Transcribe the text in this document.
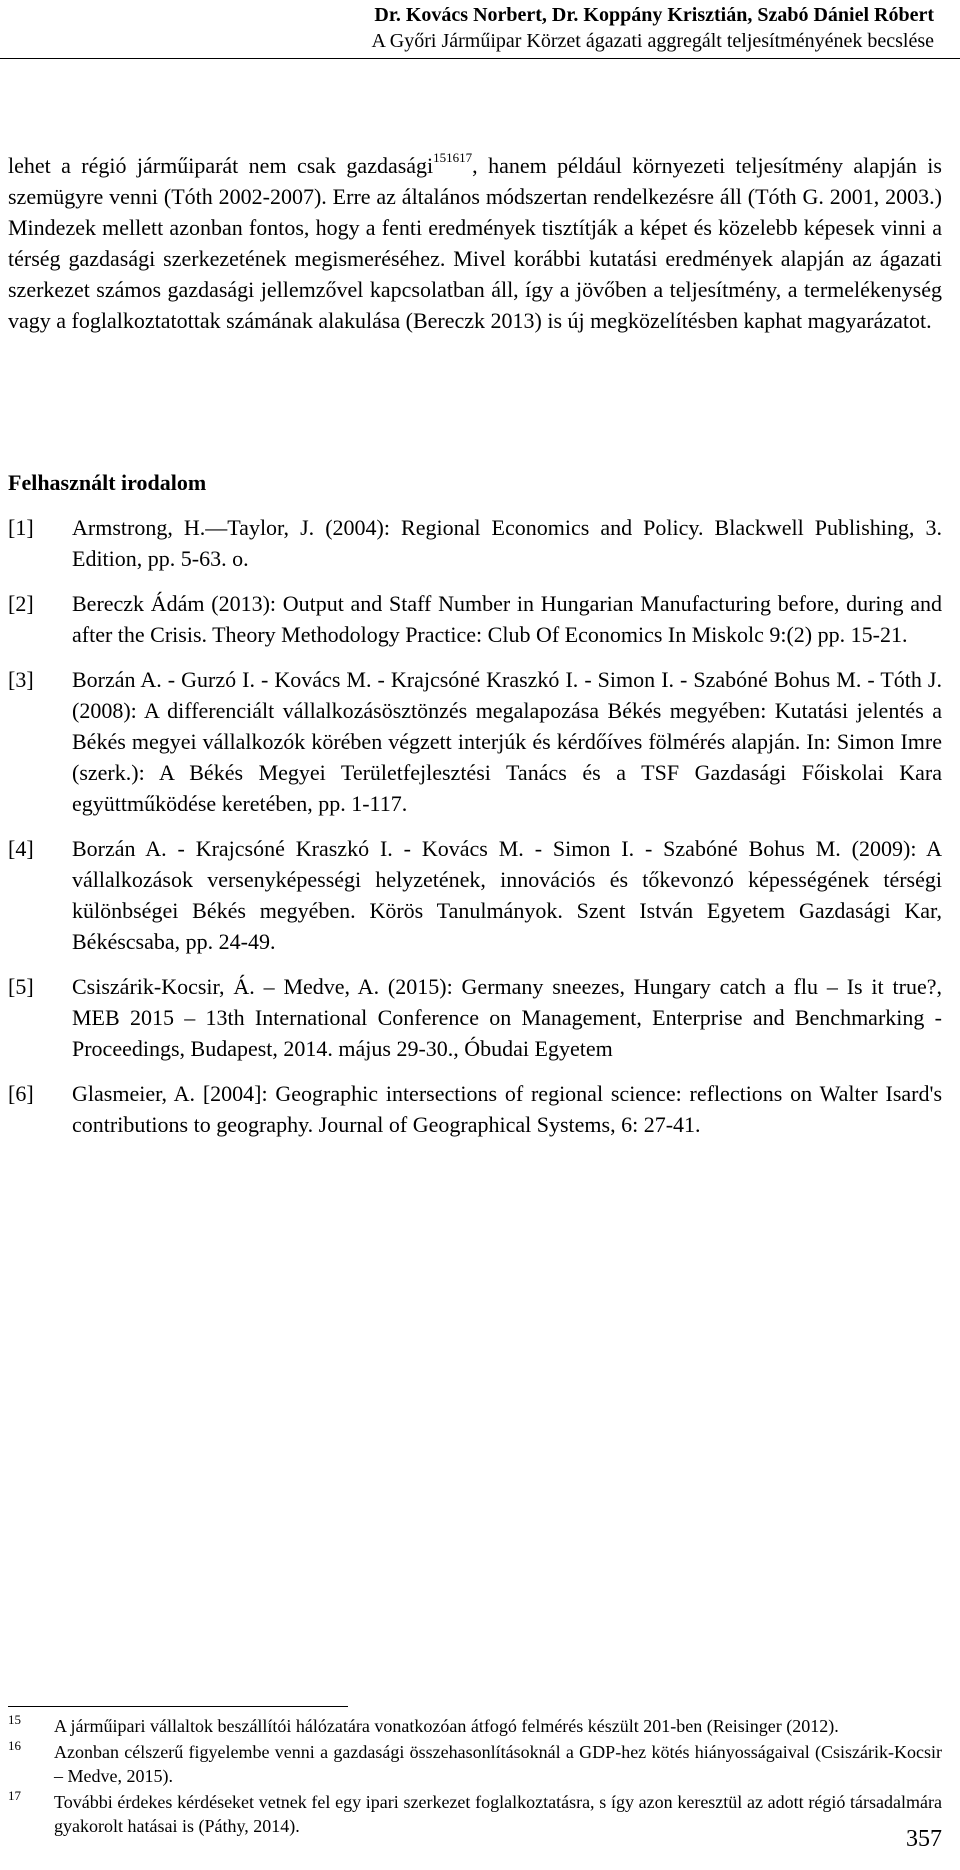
Dr. Kovács Norbert, Dr. Koppány Krisztián, Szabó Dániel Róbert
A Győri Járműipar Körzet ágazati aggregált teljesítményének becslése
lehet a régió járműiparát nem csak gazdasági$^{151617}$, hanem például környezeti teljesítmény alapján is szemügyre venni (Tóth 2002-2007). Erre az általános módszertan rendelkezésre áll (Tóth G. 2001, 2003.) Mindezek mellett azonban fontos, hogy a fenti eredmények tisztítják a képet és közelebb képesek vinni a térség gazdasági szerkezetének megismeréséhez. Mivel korábbi kutatási eredmények alapján az ágazati szerkezet számos gazdasági jellemzővel kapcsolatban áll, így a jövőben a teljesítmény, a termelékenység vagy a foglalkoztatottak számának alakulása (Bereczk 2013) is új megközelítésben kaphat magyarázatot.
Felhasznált irodalom
[1] Armstrong, H.—Taylor, J. (2004): Regional Economics and Policy. Blackwell Publishing, 3. Edition, pp. 5-63. o.
[2] Bereczk Ádám (2013): Output and Staff Number in Hungarian Manufacturing before, during and after the Crisis. Theory Methodology Practice: Club Of Economics In Miskolc 9:(2) pp. 15-21.
[3] Borzán A. - Gurzó I. - Kovács M. - Krajcsóné Kraszkó I. - Simon I. - Szabóné Bohus M. - Tóth J. (2008): A differenciált vállalkozásösztönzés megalapozása Békés megyében: Kutatási jelentés a Békés megyei vállalkozók körében végzett interjúk és kérdőíves fölmérés alapján. In: Simon Imre (szerk.): A Békés Megyei Területfejlesztési Tanács és a TSF Gazdasági Főiskolai Kara együttműködése keretében, pp. 1-117.
[4] Borzán A. - Krajcsóné Kraszkó I. - Kovács M. - Simon I. - Szabóné Bohus M. (2009): A vállalkozások versenyképességi helyzetének, innovációs és tőkevonzó képességének térségi különbségei Békés megyében. Körös Tanulmányok. Szent István Egyetem Gazdasági Kar, Békéscsaba, pp. 24-49.
[5] Csiszárik-Kocsir, Á. – Medve, A. (2015): Germany sneezes, Hungary catch a flu – Is it true?, MEB 2015 – 13th International Conference on Management, Enterprise and Benchmarking - Proceedings, Budapest, 2014. május 29-30., Óbudai Egyetem
[6] Glasmeier, A. [2004]: Geographic intersections of regional science: reflections on Walter Isard's contributions to geography. Journal of Geographical Systems, 6: 27-41.
15 A járműipari vállaltok beszállítói hálózatára vonatkozóan átfogó felmérés készült 201-ben (Reisinger (2012).
16 Azonban célszerű figyelembe venni a gazdasági összehasonlításoknál a GDP-hez kötés hiányosságaival (Csiszárik-Kocsir – Medve, 2015).
17 További érdekes kérdéseket vetnek fel egy ipari szerkezet foglalkoztatásra, s így azon keresztül az adott régió társadalmára gyakorolt hatásai is (Páthy, 2014).	357
